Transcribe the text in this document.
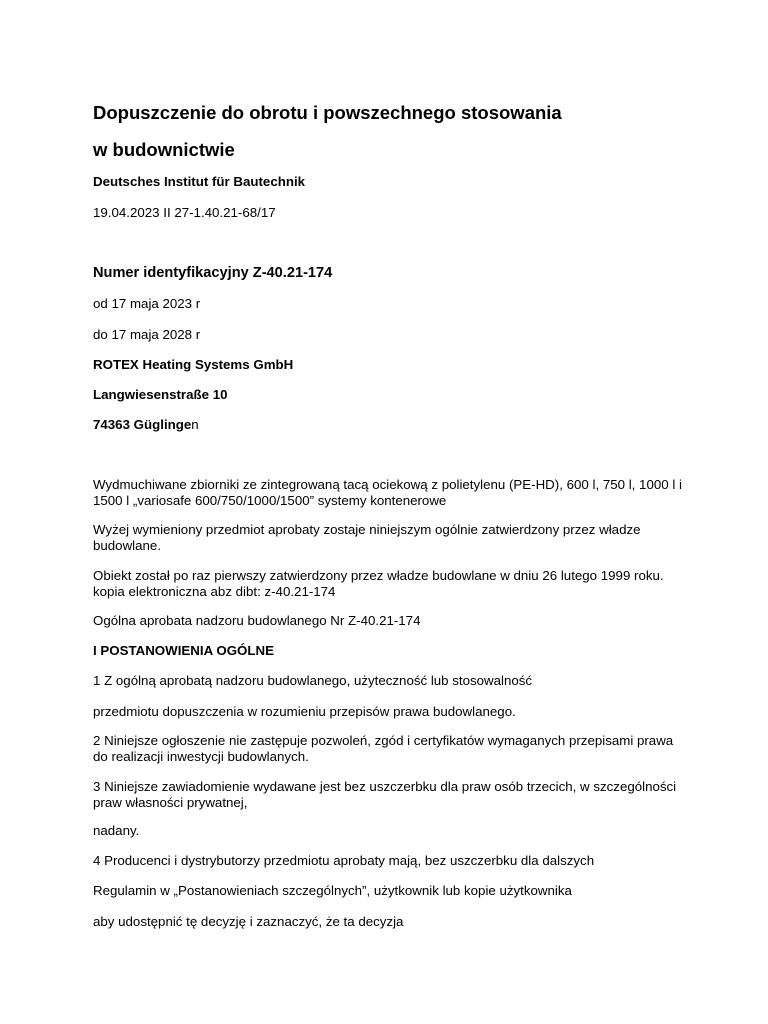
Dopuszczenie do obrotu i powszechnego stosowania

w budownictwie

Deutsches Institut für Bautechnik

19.04.2023 II 27-1.40.21-68/17

Numer identyfikacyjny Z-40.21-174

od 17 maja 2023 r

do 17 maja 2028 r

ROTEX Heating Systems GmbH

Langwiesenstraße 10

74363 Güglingen

Wydmuchiwane zbiorniki ze zintegrowaną tacą ociekową z polietylenu (PE-HD), 600 l, 750 l, 1000 l i 1500 l „variosafe 600/750/1000/1500” systemy kontenerowe

Wyżej wymieniony przedmiot aprobaty zostaje niniejszym ogólnie zatwierdzony przez władze budowlane.

Obiekt został po raz pierwszy zatwierdzony przez władze budowlane w dniu 26 lutego 1999 roku. kopia elektroniczna abz dibt: z-40.21-174

Ogólna aprobata nadzoru budowlanego Nr Z-40.21-174

I POSTANOWIENIA OGÓLNE

1 Z ogólną aprobatą nadzoru budowlanego, użyteczność lub stosowalność

przedmiotu dopuszczenia w rozumieniu przepisów prawa budowlanego.

2 Niniejsze ogłoszenie nie zastępuje pozwoleń, zgód i certyfikatów wymaganych przepisami prawa do realizacji inwestycji budowlanych.

3 Niniejsze zawiadomienie wydawane jest bez uszczerbku dla praw osób trzecich, w szczególności praw własności prywatnej,

nadany.

4 Producenci i dystrybutorzy przedmiotu aprobaty mają, bez uszczerbku dla dalszych

Regulamin w „Postanowieniach szczególnych”, użytkownik lub kopie użytkownika

aby udostępnić tę decyzję i zaznaczyć, że ta decyzja
